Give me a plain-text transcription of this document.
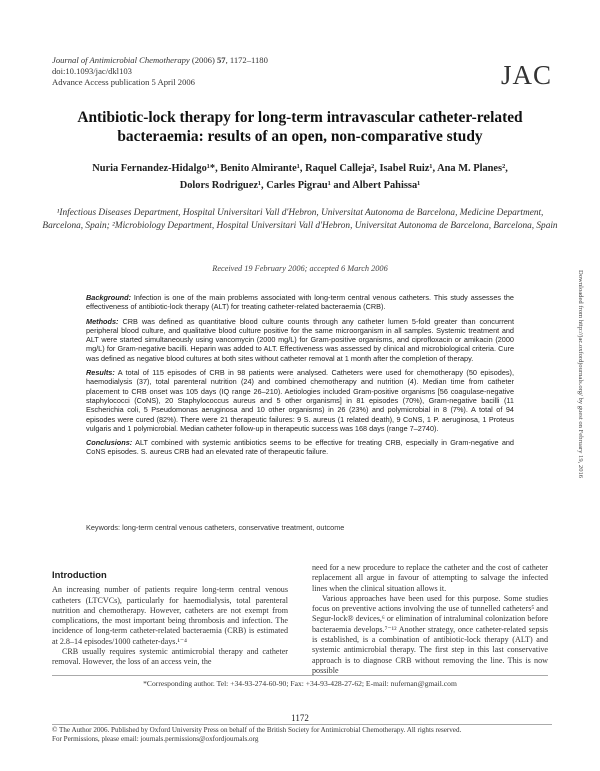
Journal of Antimicrobial Chemotherapy (2006) 57, 1172–1180
doi:10.1093/jac/dkl103
Advance Access publication 5 April 2006	JAC
Antibiotic-lock therapy for long-term intravascular catheter-related bacteraemia: results of an open, non-comparative study
Nuria Fernandez-Hidalgo¹*, Benito Almirante¹, Raquel Calleja², Isabel Ruiz¹, Ana M. Planes²,
Dolors Rodriguez¹, Carles Pigrau¹ and Albert Pahissa¹
¹Infectious Diseases Department, Hospital Universitari Vall d'Hebron, Universitat Autonoma de Barcelona, Medicine Department, Barcelona, Spain; ²Microbiology Department, Hospital Universitari Vall d'Hebron, Universitat Autonoma de Barcelona, Barcelona, Spain
Received 19 February 2006; accepted 6 March 2006

Background: Infection is one of the main problems associated with long-term central venous catheters. This study assesses the effectiveness of antibiotic-lock therapy (ALT) for treating catheter-related bacteraemia (CRB).

Methods: CRB was defined as quantitative blood culture counts through any catheter lumen 5-fold greater than concurrent peripheral blood culture, and qualitative blood culture positive for the same microorganism in all samples. Systemic treatment and ALT were started simultaneously using vancomycin (2000 mg/L) for Gram-positive organisms, and ciprofloxacin or amikacin (2000 mg/L) for Gram-negative bacilli. Heparin was added to ALT. Effectiveness was assessed by clinical and microbiological criteria. Cure was defined as negative blood cultures at both sites without catheter removal at 1 month after the completion of therapy.

Results: A total of 115 episodes of CRB in 98 patients were analysed. Catheters were used for chemotherapy (50 episodes), haemodialysis (37), total parenteral nutrition (24) and combined chemotherapy and nutrition (4). Median time from catheter placement to CRB onset was 105 days (IQ range 26–210). Aetiologies included Gram-positive organisms [56 coagulase-negative staphylococci (CoNS), 20 Staphylococcus aureus and 5 other organisms] in 81 episodes (70%), Gram-negative bacilli (11 Escherichia coli, 5 Pseudomonas aeruginosa and 10 other organisms) in 26 (23%) and polymicrobial in 8 (7%). A total of 94 episodes were cured (82%). There were 21 therapeutic failures: 9 S. aureus (1 related death), 9 CoNS, 1 P. aeruginosa, 1 Proteus vulgaris and 1 polymicrobial. Median catheter follow-up in therapeutic success was 168 days (range 7–2740).

Conclusions: ALT combined with systemic antibiotics seems to be effective for treating CRB, especially in Gram-negative and CoNS episodes. S. aureus CRB had an elevated rate of therapeutic failure.

Keywords: long-term central venous catheters, conservative treatment, outcome
Downloaded from http://jac.oxfordjournals.org/ by guest on February 19, 2016
Introduction

An increasing number of patients require long-term central venous catheters (LTCVCs), particularly for haemodialysis, total parenteral nutrition and chemotherapy. However, catheters are not exempt from complications, the most important being thrombosis and infection. The incidence of long-term catheter-related bacteraemia (CRB) is estimated at 2.8–14 episodes/1000 catheter-days.¹⁻⁴

CRB usually requires systemic antimicrobial therapy and catheter removal. However, the loss of an access vein, the

need for a new procedure to replace the catheter and the cost of catheter replacement all argue in favour of attempting to salvage the infected lines when the clinical situation allows it.

Various approaches have been used for this purpose. Some studies focus on preventive actions involving the use of tunnelled catheters⁵ and Segur-lock® devices,⁶ or elimination of intraluminal colonization before bacteraemia develops.⁷⁻¹² Another strategy, once catheter-related sepsis is established, is a combination of antibiotic-lock therapy (ALT) and systemic antimicrobial therapy. The first step in this last conservative approach is to diagnose CRB without removing the line. This is now possible

*Corresponding author. Tel: +34-93-274-60-90; Fax: +34-93-428-27-62; E-mail: nufernan@gmail.com
1172
© The Author 2006. Published by Oxford University Press on behalf of the British Society for Antimicrobial Chemotherapy. All rights reserved.
For Permissions, please email: journals.permissions@oxfordjournals.org
